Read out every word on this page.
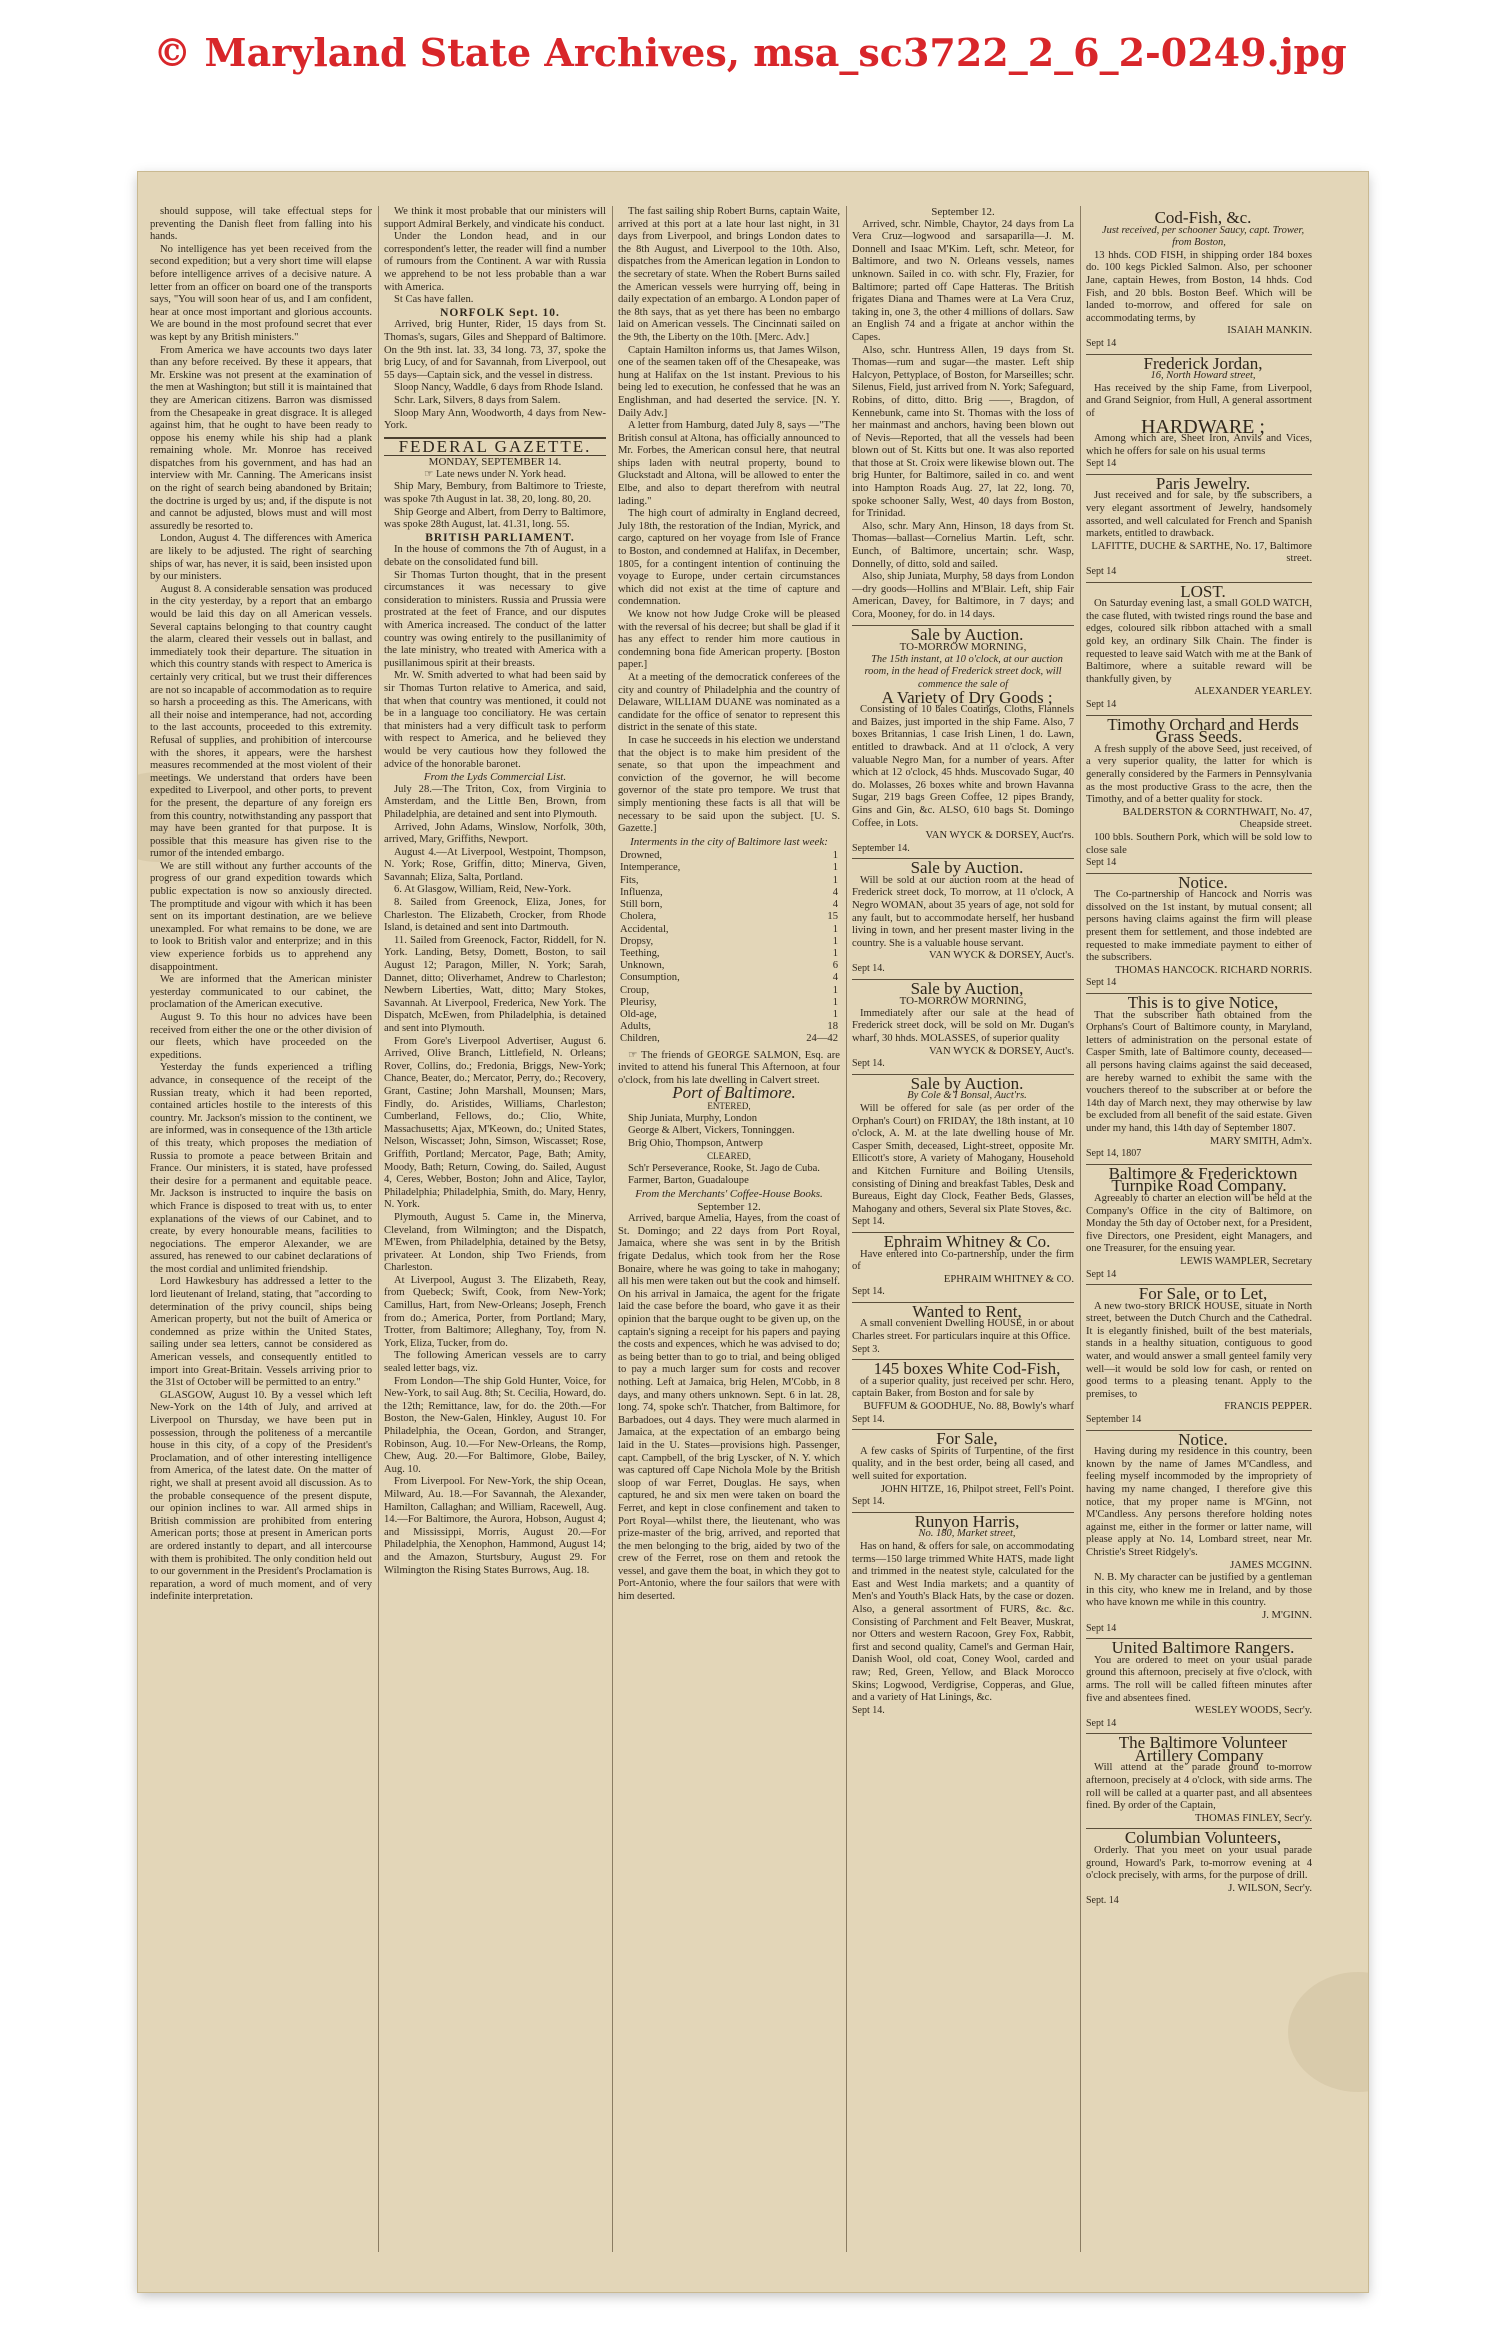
© Maryland State Archives, msa_sc3722_2_6_2-0249.jpg

should suppose, will take effectual steps for preventing the Danish fleet from falling into his hands.

No intelligence has yet been received from the second expedition; but a very short time will elapse before intelligence arrives of a decisive nature. A letter from an officer on board one of the transports says, "You will soon hear of us, and I am confident, hear at once most important and glorious accounts. We are bound in the most profound secret that ever was kept by any British ministers."

From America we have accounts two days later than any before received. By these it appears, that Mr. Erskine was not present at the examination of the men at Washington; but still it is maintained that they are American citizens. Barron was dismissed from the Chesapeake in great disgrace. It is alleged against him, that he ought to have been ready to oppose his enemy while his ship had a plank remaining whole. Mr. Monroe has received dispatches from his government, and has had an interview with Mr. Canning. The Americans insist on the right of search being abandoned by Britain; the doctrine is urged by us; and, if the dispute is not and cannot be adjusted, blows must and will most assuredly be resorted to.

London, August 4. The differences with America are likely to be adjusted. The right of searching ships of war, has never, it is said, been insisted upon by our ministers.

August 8. A considerable sensation was produced in the city yesterday, by a report that an embargo would be laid this day on all American vessels. Several captains belonging to that country caught the alarm, cleared their vessels out in ballast, and immediately took their departure. The situation in which this country stands with respect to America is certainly very critical, but we trust their differences are not so incapable of accommodation as to require so harsh a proceeding as this. The Americans, with all their noise and intemperance, had not, according to the last accounts, proceeded to this extremity. Refusal of supplies, and prohibition of intercourse with the shores, it appears, were the harshest measures recommended at the most violent of their meetings. We understand that orders have been expedited to Liverpool, and other ports, to prevent for the present, the departure of any foreign ers from this country, notwithstanding any passport that may have been granted for that purpose. It is possible that this measure has given rise to the rumor of the intended embargo.

We are still without any further accounts of the progress of our grand expedition towards which public expectation is now so anxiously directed. The promptitude and vigour with which it has been sent on its important destination, are we believe unexampled. For what remains to be done, we are to look to British valor and enterprize; and in this view experience forbids us to apprehend any disappointment.

We are informed that the American minister yesterday communicated to our cabinet, the proclamation of the American executive.

August 9. To this hour no advices have been received from either the one or the other division of our fleets, which have proceeded on the expeditions.

Yesterday the funds experienced a trifling advance, in consequence of the receipt of the Russian treaty, which it had been reported, contained articles hostile to the interests of this country. Mr. Jackson's mission to the continent, we are informed, was in consequence of the 13th article of this treaty, which proposes the mediation of Russia to promote a peace between Britain and France. Our ministers, it is stated, have professed their desire for a permanent and equitable peace. Mr. Jackson is instructed to inquire the basis on which France is disposed to treat with us, to enter explanations of the views of our Cabinet, and to create, by every honourable means, facilities to negociations. The emperor Alexander, we are assured, has renewed to our cabinet declarations of the most cordial and unlimited friendship.

Lord Hawkesbury has addressed a letter to the lord lieutenant of Ireland, stating, that "according to determination of the privy council, ships being American property, but not the built of America or condemned as prize within the United States, sailing under sea letters, cannot be considered as American vessels, and consequently entitled to import into Great-Britain. Vessels arriving prior to the 31st of October will be permitted to an entry."

GLASGOW, August 10. By a vessel which left New-York on the 14th of July, and arrived at Liverpool on Thursday, we have been put in possession, through the politeness of a mercantile house in this city, of a copy of the President's Proclamation, and of other interesting intelligence from America, of the latest date. On the matter of right, we shall at present avoid all discussion. As to the probable consequence of the present dispute, our opinion inclines to war. All armed ships in British commission are prohibited from entering American ports; those at present in American ports are ordered instantly to depart, and all intercourse with them is prohibited. The only condition held out to our government in the President's Proclamation is reparation, a word of much moment, and of very indefinite interpretation.

We think it most probable that our ministers will support Admiral Berkely, and vindicate his conduct.

Under the London head, and in our correspondent's letter, the reader will find a number of rumours from the Continent. A war with Russia we apprehend to be not less probable than a war with America.

St Cas have fallen.

NORFOLK Sept. 10.

Arrived, brig Hunter, Rider, 15 days from St. Thomas's, sugars, Giles and Sheppard of Baltimore. On the 9th inst. lat. 33, 34 long. 73, 37, spoke the brig Lucy, of and for Savannah, from Liverpool, out 55 days—Captain sick, and the vessel in distress.

Sloop Nancy, Waddle, 6 days from Rhode Island.

Schr. Lark, Silvers, 8 days from Salem.

Sloop Mary Ann, Woodworth, 4 days from New-York.

FEDERAL GAZETTE.

MONDAY, SEPTEMBER 14.

☞ Late news under N. York head.

Ship Mary, Bembury, from Baltimore to Trieste, was spoke 7th August in lat. 38, 20, long. 80, 20.

Ship George and Albert, from Derry to Baltimore, was spoke 28th August, lat. 41.31, long. 55.

BRITISH PARLIAMENT.

In the house of commons the 7th of August, in a debate on the consolidated fund bill.

Sir Thomas Turton thought, that in the present circumstances it was necessary to give consideration to ministers. Russia and Prussia were prostrated at the feet of France, and our disputes with America increased. The conduct of the latter country was owing entirely to the pusillanimity of the late ministry, who treated with America with a pusillanimous spirit at their breasts.

Mr. W. Smith adverted to what had been said by sir Thomas Turton relative to America, and said, that when that country was mentioned, it could not be in a language too conciliatory. He was certain that ministers had a very difficult task to perform with respect to America, and he believed they would be very cautious how they followed the advice of the honorable baronet.

From the Lyds Commercial List.

July 28.—The Triton, Cox, from Virginia to Amsterdam, and the Little Ben, Brown, from Philadelphia, are detained and sent into Plymouth.

Arrived, John Adams, Winslow, Norfolk, 30th, arrived, Mary, Griffiths, Newport.

August 4.—At Liverpool, Westpoint, Thompson, N. York; Rose, Griffin, ditto; Minerva, Given, Savannah; Eliza, Salta, Portland.

6. At Glasgow, William, Reid, New-York.

8. Sailed from Greenock, Eliza, Jones, for Charleston. The Elizabeth, Crocker, from Rhode Island, is detained and sent into Dartmouth.

11. Sailed from Greenock, Factor, Riddell, for N. York. Landing, Betsy, Domett, Boston, to sail August 12; Paragon, Miller, N. York; Sarah, Dannet, ditto; Oliverhamet, Andrew to Charleston; Newbern Liberties, Watt, ditto; Mary Stokes, Savannah. At Liverpool, Frederica, New York. The Dispatch, McEwen, from Philadelphia, is detained and sent into Plymouth.

From Gore's Liverpool Advertiser, August 6. Arrived, Olive Branch, Littlefield, N. Orleans; Rover, Collins, do.; Fredonia, Briggs, New-York; Chance, Beater, do.; Mercator, Perry, do.; Recovery, Grant, Castine; John Marshall, Mounsen; Mars, Findly, do. Aristides, Williams, Charleston; Cumberland, Fellows, do.; Clio, White, Massachusetts; Ajax, M'Keown, do.; United States, Nelson, Wiscasset; John, Simson, Wiscasset; Rose, Griffith, Portland; Mercator, Page, Bath; Amity, Moody, Bath; Return, Cowing, do. Sailed, August 4, Ceres, Webber, Boston; John and Alice, Taylor, Philadelphia; Philadelphia, Smith, do. Mary, Henry, N. York.

Plymouth, August 5. Came in, the Minerva, Cleveland, from Wilmington; and the Dispatch, M'Ewen, from Philadelphia, detained by the Betsy, privateer. At London, ship Two Friends, from Charleston.

At Liverpool, August 3. The Elizabeth, Reay, from Quebeck; Swift, Cook, from New-York; Camillus, Hart, from New-Orleans; Joseph, French from do.; America, Porter, from Portland; Mary, Trotter, from Baltimore; Alleghany, Toy, from N. York, Eliza, Tucker, from do.

The following American vessels are to carry sealed letter bags, viz.

From London—The ship Gold Hunter, Voice, for New-York, to sail Aug. 8th; St. Cecilia, Howard, do. the 12th; Remittance, law, for do. the 20th.—For Boston, the New-Galen, Hinkley, August 10. For Philadelphia, the Ocean, Gordon, and Stranger, Robinson, Aug. 10.—For New-Orleans, the Romp, Chew, Aug. 20.—For Baltimore, Globe, Bailey, Aug. 10.

From Liverpool. For New-York, the ship Ocean, Milward, Au. 18.—For Savannah, the Alexander, Hamilton, Callaghan; and William, Racewell, Aug. 14.—For Baltimore, the Aurora, Hobson, August 4; and Mississippi, Morris, August 20.—For Philadelphia, the Xenophon, Hammond, August 14; and the Amazon, Sturtsbury, August 29. For Wilmington the Rising States Burrows, Aug. 18.

The fast sailing ship Robert Burns, captain Waite, arrived at this port at a late hour last night, in 31 days from Liverpool, and brings London dates to the 8th August, and Liverpool to the 10th. Also, dispatches from the American legation in London to the secretary of state. When the Robert Burns sailed the American vessels were hurrying off, being in daily expectation of an embargo. A London paper of the 8th says, that as yet there has been no embargo laid on American vessels. The Cincinnati sailed on the 9th, the Liberty on the 10th. [Merc. Adv.]

Captain Hamilton informs us, that James Wilson, one of the seamen taken off of the Chesapeake, was hung at Halifax on the 1st instant. Previous to his being led to execution, he confessed that he was an Englishman, and had deserted the service. [N. Y. Daily Adv.]

A letter from Hamburg, dated July 8, says —"The British consul at Altona, has officially announced to Mr. Forbes, the American consul here, that neutral ships laden with neutral property, bound to Gluckstadt and Altona, will be allowed to enter the Elbe, and also to depart therefrom with neutral lading."

The high court of admiralty in England decreed, July 18th, the restoration of the Indian, Myrick, and cargo, captured on her voyage from Isle of France to Boston, and condemned at Halifax, in December, 1805, for a contingent intention of continuing the voyage to Europe, under certain circumstances which did not exist at the time of capture and condemnation.

We know not how Judge Croke will be pleased with the reversal of his decree; but shall be glad if it has any effect to render him more cautious in condemning bona fide American property. [Boston paper.]

At a meeting of the democratick conferees of the city and country of Philadelphia and the country of Delaware, WILLIAM DUANE was nominated as a candidate for the office of senator to represent this district in the senate of this state.

In case he succeeds in his election we understand that the object is to make him president of the senate, so that upon the impeachment and conviction of the governor, he will become governor of the state pro tempore. We trust that simply mentioning these facts is all that will be necessary to be said upon the subject. [U. S. Gazette.]

Interments in the city of Baltimore last week:

Drowned,	1
Intemperance,	1
Fits,	1
Influenza,	4
Still born,	4
Cholera,	15
Accidental,	1
Dropsy,	1
Teething,	1
Unknown,	6
Consumption,	4
Croup,	1
Pleurisy,	1
Old-age,	1
Adults,	18
Children,	24—42

☞ The friends of GEORGE SALMON, Esq. are invited to attend his funeral This Afternoon, at four o'clock, from his late dwelling in Calvert street.

Port of Baltimore.

ENTERED,

Ship Juniata, Murphy, London

George & Albert, Vickers, Tonninggen.

Brig Ohio, Thompson, Antwerp

CLEARED,

Sch'r Perseverance, Rooke, St. Jago de Cuba.

Farmer, Barton, Guadaloupe

From the Merchants' Coffee-House Books.

September 12.

Arrived, barque Amelia, Hayes, from the coast of St. Domingo; and 22 days from Port Royal, Jamaica, where she was sent in by the British frigate Dedalus, which took from her the Rose Bonaire, where he was going to take in mahogany; all his men were taken out but the cook and himself. On his arrival in Jamaica, the agent for the frigate laid the case before the board, who gave it as their opinion that the barque ought to be given up, on the captain's signing a receipt for his papers and paying the costs and expences, which he was advised to do; as being better than to go to trial, and being obliged to pay a much larger sum for costs and recover nothing. Left at Jamaica, brig Helen, M'Cobb, in 8 days, and many others unknown. Sept. 6 in lat. 28, long. 74, spoke sch'r. Thatcher, from Baltimore, for Barbadoes, out 4 days. They were much alarmed in Jamaica, at the expectation of an embargo being laid in the U. States—provisions high. Passenger, capt. Campbell, of the brig Lyscker, of N. Y. which was captured off Cape Nichola Mole by the British sloop of war Ferret, Douglas. He says, when captured, he and six men were taken on board the Ferret, and kept in close confinement and taken to Port Royal—whilst there, the lieutenant, who was prize-master of the brig, arrived, and reported that the men belonging to the brig, aided by two of the crew of the Ferret, rose on them and retook the vessel, and gave them the boat, in which they got to Port-Antonio, where the four sailors that were with him deserted.

September 12.

Arrived, schr. Nimble, Chaytor, 24 days from La Vera Cruz—logwood and sarsaparilla—J. M. Donnell and Isaac M'Kim. Left, schr. Meteor, for Baltimore, and two N. Orleans vessels, names unknown. Sailed in co. with schr. Fly, Frazier, for Baltimore; parted off Cape Hatteras. The British frigates Diana and Thames were at La Vera Cruz, taking in, one 3, the other 4 millions of dollars. Saw an English 74 and a frigate at anchor within the Capes.

Also, schr. Huntress Allen, 19 days from St. Thomas—rum and sugar—the master. Left ship Halcyon, Pettyplace, of Boston, for Marseilles; schr. Silenus, Field, just arrived from N. York; Safeguard, Robins, of ditto, ditto. Brig ——, Bragdon, of Kennebunk, came into St. Thomas with the loss of her mainmast and anchors, having been blown out of Nevis—Reported, that all the vessels had been blown out of St. Kitts but one. It was also reported that those at St. Croix were likewise blown out. The brig Hunter, for Baltimore, sailed in co. and went into Hampton Roads Aug. 27, lat 22, long. 70, spoke schooner Sally, West, 40 days from Boston, for Trinidad.

Also, schr. Mary Ann, Hinson, 18 days from St. Thomas—ballast—Cornelius Martin. Left, schr. Eunch, of Baltimore, uncertain; schr. Wasp, Donnelly, of ditto, sold and sailed.

Also, ship Juniata, Murphy, 58 days from London—dry goods—Hollins and M'Blair. Left, ship Fair American, Davey, for Baltimore, in 7 days; and Cora, Mooney, for do. in 14 days.

Sale by Auction.

TO-MORROW MORNING,

The 15th instant, at 10 o'clock, at our auction room, in the head of Frederick street dock, will commence the sale of

A Variety of Dry Goods ;

Consisting of 10 bales Coatings, Cloths, Flannels and Baizes, just imported in the ship Fame. Also, 7 boxes Britannias, 1 case Irish Linen, 1 do. Lawn, entitled to drawback. And at 11 o'clock, A very valuable Negro Man, for a number of years. After which at 12 o'clock, 45 hhds. Muscovado Sugar, 40 do. Molasses, 26 boxes white and brown Havanna Sugar, 219 bags Green Coffee, 12 pipes Brandy, Gins and Gin, &c. ALSO, 610 bags St. Domingo Coffee, in Lots.

VAN WYCK & DORSEY, Auct'rs.

September 14.

Sale by Auction.

Will be sold at our auction room at the head of Frederick street dock, To morrow, at 11 o'clock, A Negro WOMAN, about 35 years of age, not sold for any fault, but to accommodate herself, her husband living in town, and her present master living in the country. She is a valuable house servant.

VAN WYCK & DORSEY, Auct's.

Sept 14.

Sale by Auction,

TO-MORROW MORNING,

Immediately after our sale at the head of Frederick street dock, will be sold on Mr. Dugan's wharf, 30 hhds. MOLASSES, of superior quality

VAN WYCK & DORSEY, Auct's.

Sept 14.

Sale by Auction.

By Cole & I Bonsal, Auct'rs.

Will be offered for sale (as per order of the Orphan's Court) on FRIDAY, the 18th instant, at 10 o'clock, A. M. at the late dwelling house of Mr. Casper Smith, deceased, Light-street, opposite Mr. Ellicott's store, A variety of Mahogany, Household and Kitchen Furniture and Boiling Utensils, consisting of Dining and breakfast Tables, Desk and Bureaus, Eight day Clock, Feather Beds, Glasses, Mahogany and others, Several six Plate Stoves, &c.

Sept 14.

Ephraim Whitney & Co.

Have entered into Co-partnership, under the firm of

EPHRAIM WHITNEY & CO.

Sept 14.

Wanted to Rent,

A small convenient Dwelling HOUSE, in or about Charles street. For particulars inquire at this Office.

Sept 3.

145 boxes White Cod-Fish,

of a superior quality, just received per schr. Hero, captain Baker, from Boston and for sale by

BUFFUM & GOODHUE, No. 88, Bowly's wharf

Sept 14.

For Sale,

A few casks of Spirits of Turpentine, of the first quality, and in the best order, being all cased, and well suited for exportation.

JOHN HITZE, 16, Philpot street, Fell's Point.

Sept 14.

Runyon Harris,

No. 180, Market street,

Has on hand, & offers for sale, on accommodating terms—150 large trimmed White HATS, made light and trimmed in the neatest style, calculated for the East and West India markets; and a quantity of Men's and Youth's Black Hats, by the case or dozen. Also, a general assortment of FURS, &c. &c. Consisting of Parchment and Felt Beaver, Muskrat, nor Otters and western Racoon, Grey Fox, Rabbit, first and second quality, Camel's and German Hair, Danish Wool, old coat, Coney Wool, carded and raw; Red, Green, Yellow, and Black Morocco Skins; Logwood, Verdigrise, Copperas, and Glue, and a variety of Hat Linings, &c.

Sept 14.

Cod-Fish, &c.

Just received, per schooner Saucy, capt. Trower, from Boston,

13 hhds. COD FISH, in shipping order 184 boxes do. 100 kegs Pickled Salmon. Also, per schooner Jane, captain Hewes, from Boston, 14 hhds. Cod Fish, and 20 bbls. Boston Beef. Which will be landed to-morrow, and offered for sale on accommodating terms, by

ISAIAH MANKIN.

Sept 14

Frederick Jordan,

16, North Howard street,

Has received by the ship Fame, from Liverpool, and Grand Seignior, from Hull, A general assortment of

HARDWARE ;

Among which are, Sheet Iron, Anvils and Vices, which he offers for sale on his usual terms

Sept 14

Paris Jewelry.

Just received and for sale, by the subscribers, a very elegant assortment of Jewelry, handsomely assorted, and well calculated for French and Spanish markets, entitled to drawback.

LAFITTE, DUCHE & SARTHE, No. 17, Baltimore street.

Sept 14

LOST.

On Saturday evening last, a small GOLD WATCH, the case fluted, with twisted rings round the base and edges, coloured silk ribbon attached with a small gold key, an ordinary Silk Chain. The finder is requested to leave said Watch with me at the Bank of Baltimore, where a suitable reward will be thankfully given, by

ALEXANDER YEARLEY.

Sept 14

Timothy Orchard and Herds Grass Seeds.

A fresh supply of the above Seed, just received, of a very superior quality, the latter for which is generally considered by the Farmers in Pennsylvania as the most productive Grass to the acre, then the Timothy, and of a better quality for stock.

BALDERSTON & CORNTHWAIT, No. 47, Cheapside street.

100 bbls. Southern Pork, which will be sold low to close sale

Sept 14

Notice.

The Co-partnership of Hancock and Norris was dissolved on the 1st instant, by mutual consent; all persons having claims against the firm will please present them for settlement, and those indebted are requested to make immediate payment to either of the subscribers.

THOMAS HANCOCK. RICHARD NORRIS.

Sept 14

This is to give Notice,

That the subscriber hath obtained from the Orphans's Court of Baltimore county, in Maryland, letters of administration on the personal estate of Casper Smith, late of Baltimore county, deceased—all persons having claims against the said deceased, are hereby warned to exhibit the same with the vouchers thereof to the subscriber at or before the 14th day of March next, they may otherwise by law be excluded from all benefit of the said estate. Given under my hand, this 14th day of September 1807.

MARY SMITH, Adm'x.

Sept 14, 1807

Baltimore & Fredericktown Turnpike Road Company.

Agreeably to charter an election will be held at the Company's Office in the city of Baltimore, on Monday the 5th day of October next, for a President, five Directors, one President, eight Managers, and one Treasurer, for the ensuing year.

LEWIS WAMPLER, Secretary

Sept 14

For Sale, or to Let,

A new two-story BRICK HOUSE, situate in North street, between the Dutch Church and the Cathedral. It is elegantly finished, built of the best materials, stands in a healthy situation, contiguous to good water, and would answer a small genteel family very well—it would be sold low for cash, or rented on good terms to a pleasing tenant. Apply to the premises, to

FRANCIS PEPPER.

September 14

Notice.

Having during my residence in this country, been known by the name of James M'Candless, and feeling myself incommoded by the impropriety of having my name changed, I therefore give this notice, that my proper name is M'Ginn, not M'Candless. Any persons therefore holding notes against me, either in the former or latter name, will please apply at No. 14, Lombard street, near Mr. Christie's Street Ridgely's.

JAMES MCGINN.

N. B. My character can be justified by a gentleman in this city, who knew me in Ireland, and by those who have known me while in this country.

J. M'GINN.

Sept 14

United Baltimore Rangers.

You are ordered to meet on your usual parade ground this afternoon, precisely at five o'clock, with arms. The roll will be called fifteen minutes after five and absentees fined.

WESLEY WOODS, Secr'y.

Sept 14

The Baltimore Volunteer Artillery Company

Will attend at the parade ground to-morrow afternoon, precisely at 4 o'clock, with side arms. The roll will be called at a quarter past, and all absentees fined. By order of the Captain,

THOMAS FINLEY, Secr'y.

Columbian Volunteers,

Orderly. That you meet on your usual parade ground, Howard's Park, to-morrow evening at 4 o'clock precisely, with arms, for the purpose of drill.

J. WILSON, Secr'y.

Sept. 14
